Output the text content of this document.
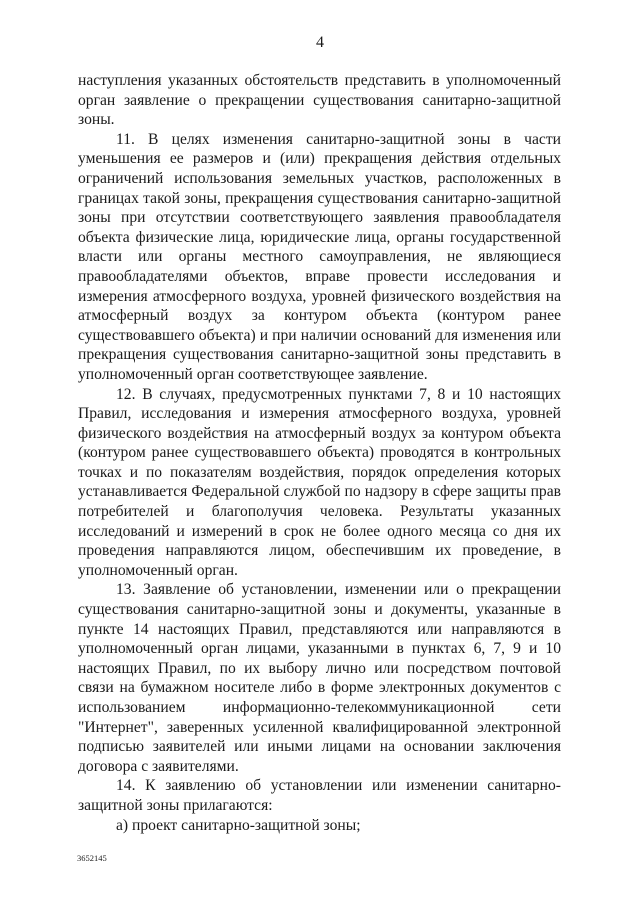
4

наступления указанных обстоятельств представить в уполномоченный орган заявление о прекращении существования санитарно-защитной зоны.

11. В целях изменения санитарно-защитной зоны в части уменьшения ее размеров и (или) прекращения действия отдельных ограничений использования земельных участков, расположенных в границах такой зоны, прекращения существования санитарно-защитной зоны при отсутствии соответствующего заявления правообладателя объекта физические лица, юридические лица, органы государственной власти или органы местного самоуправления, не являющиеся правообладателями объектов, вправе провести исследования и измерения атмосферного воздуха, уровней физического воздействия на атмосферный воздух за контуром объекта (контуром ранее существовавшего объекта) и при наличии оснований для изменения или прекращения существования санитарно-защитной зоны представить в уполномоченный орган соответствующее заявление.

12. В случаях, предусмотренных пунктами 7, 8 и 10 настоящих Правил, исследования и измерения атмосферного воздуха, уровней физического воздействия на атмосферный воздух за контуром объекта (контуром ранее существовавшего объекта) проводятся в контрольных точках и по показателям воздействия, порядок определения которых устанавливается Федеральной службой по надзору в сфере защиты прав потребителей и благополучия человека. Результаты указанных исследований и измерений в срок не более одного месяца со дня их проведения направляются лицом, обеспечившим их проведение, в уполномоченный орган.

13. Заявление об установлении, изменении или о прекращении существования санитарно-защитной зоны и документы, указанные в пункте 14 настоящих Правил, представляются или направляются в уполномоченный орган лицами, указанными в пунктах 6, 7, 9 и 10 настоящих Правил, по их выбору лично или посредством почтовой связи на бумажном носителе либо в форме электронных документов с использованием информационно-телекоммуникационной сети "Интернет", заверенных усиленной квалифицированной электронной подписью заявителей или иными лицами на основании заключения договора с заявителями.

14. К заявлению об установлении или изменении санитарно-защитной зоны прилагаются:

а) проект санитарно-защитной зоны;

3652145
